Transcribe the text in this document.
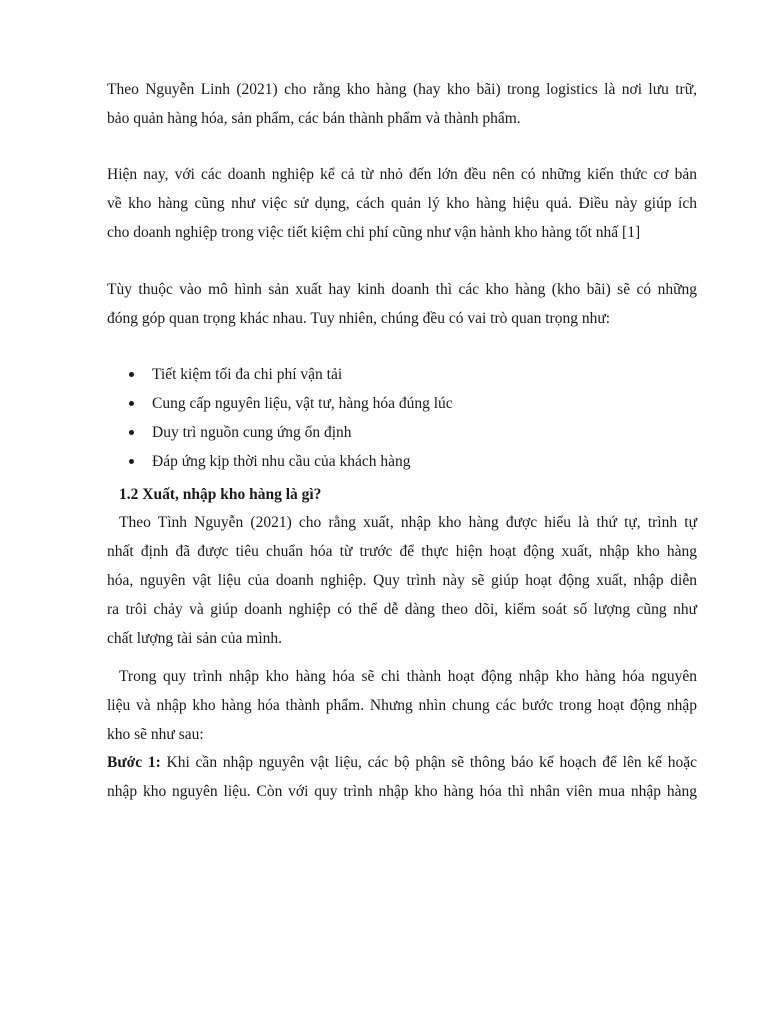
Theo Nguyễn Linh (2021) cho rằng kho hàng (hay kho bãi) trong logistics là nơi lưu trữ,
bảo quản hàng hóa, sản phẩm, các bán thành phẩm và thành phẩm.
Hiện nay, với các doanh nghiệp kể cả từ nhỏ đến lớn đều nên có những kiến thức cơ bản
về kho hàng cũng như việc sử dụng, cách quản lý kho hàng hiệu quả. Điều này giúp ích
cho doanh nghiệp trong việc tiết kiệm chi phí cũng như vận hành kho hàng tốt nhấ [1]
Tùy thuộc vào mô hình sản xuất hay kinh doanh thì các kho hàng (kho bãi) sẽ có những
đóng góp quan trọng khác nhau. Tuy nhiên, chúng đều có vai trò quan trọng như:
Tiết kiệm tối đa chi phí vận tải
Cung cấp nguyên liệu, vật tư, hàng hóa đúng lúc
Duy trì nguồn cung ứng ổn định
Đáp ứng kịp thời nhu cầu của khách hàng
1.2 Xuất, nhập kho hàng là gì?
Theo Tình Nguyễn (2021) cho rằng xuất, nhập kho hàng được hiểu là thứ tự, trình tự
nhất định đã được tiêu chuẩn hóa từ trước để thực hiện hoạt động xuất, nhập kho hàng
hóa, nguyên vật liệu của doanh nghiệp. Quy trình này sẽ giúp hoạt động xuất, nhập diễn
ra trôi chảy và giúp doanh nghiệp có thể dễ dàng theo dõi, kiểm soát số lượng cũng như
chất lượng tài sản của mình.
Trong quy trình nhập kho hàng hóa sẽ chi thành hoạt động nhập kho hàng hóa nguyên
liệu và nhập kho hàng hóa thành phẩm. Nhưng nhìn chung các bước trong hoạt động nhập
kho sẽ như sau:
Bước 1: Khi cần nhập nguyên vật liệu, các bộ phận sẽ thông báo kế hoạch để lên kế hoặc
nhập kho nguyên liệu. Còn với quy trình nhập kho hàng hóa thì nhân viên mua nhập hàng
